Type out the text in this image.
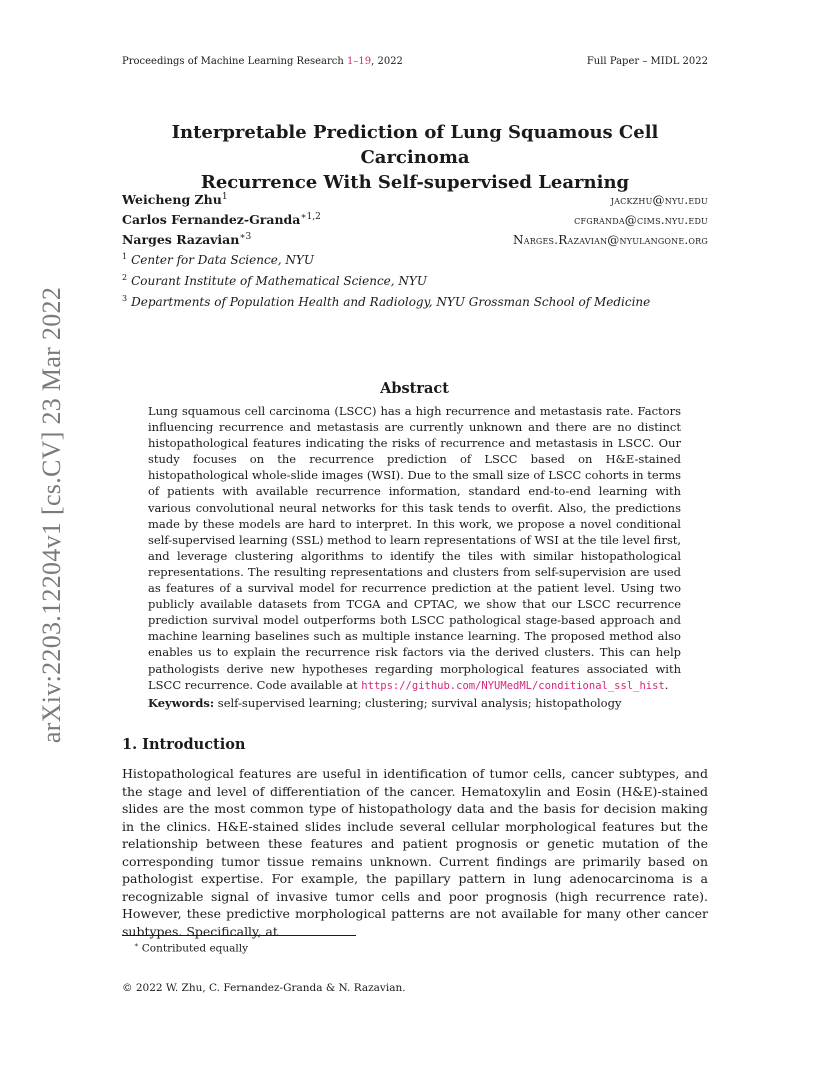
Proceedings of Machine Learning Research 1–19, 2022	Full Paper – MIDL 2022
arXiv:2203.12204v1 [cs.CV] 23 Mar 2022
Interpretable Prediction of Lung Squamous Cell Carcinoma
Recurrence With Self-supervised Learning
Weicheng Zhu$^1$	jackzhu@nyu.edu
Carlos Fernandez-Granda$^{∗1,2}$	cfgranda@cims.nyu.edu
Narges Razavian$^{∗3}$	Narges.Razavian@nyulangone.org
$^1$ Center for Data Science, NYU
$^2$ Courant Institute of Mathematical Science, NYU
$^3$ Departments of Population Health and Radiology, NYU Grossman School of Medicine
Abstract
Lung squamous cell carcinoma (LSCC) has a high recurrence and metastasis rate. Factors influencing recurrence and metastasis are currently unknown and there are no distinct histopathological features indicating the risks of recurrence and metastasis in LSCC. Our study focuses on the recurrence prediction of LSCC based on H&E-stained histopathological whole-slide images (WSI). Due to the small size of LSCC cohorts in terms of patients with available recurrence information, standard end-to-end learning with various convolutional neural networks for this task tends to overfit. Also, the predictions made by these models are hard to interpret. In this work, we propose a novel conditional self-supervised learning (SSL) method to learn representations of WSI at the tile level first, and leverage clustering algorithms to identify the tiles with similar histopathological representations. The resulting representations and clusters from self-supervision are used as features of a survival model for recurrence prediction at the patient level. Using two publicly available datasets from TCGA and CPTAC, we show that our LSCC recurrence prediction survival model outperforms both LSCC pathological stage-based approach and machine learning baselines such as multiple instance learning. The proposed method also enables us to explain the recurrence risk factors via the derived clusters. This can help pathologists derive new hypotheses regarding morphological features associated with LSCC recurrence. Code available at https://github.com/NYUMedML/conditional_ssl_hist.
Keywords: self-supervised learning; clustering; survival analysis; histopathology
1. Introduction
Histopathological features are useful in identification of tumor cells, cancer subtypes, and the stage and level of differentiation of the cancer. Hematoxylin and Eosin (H&E)-stained slides are the most common type of histopathology data and the basis for decision making in the clinics. H&E-stained slides include several cellular morphological features but the relationship between these features and patient prognosis or genetic mutation of the corresponding tumor tissue remains unknown. Current findings are primarily based on pathologist expertise. For example, the papillary pattern in lung adenocarcinoma is a recognizable signal of invasive tumor cells and poor prognosis (high recurrence rate). However, these predictive morphological patterns are not available for many other cancer subtypes. Specifically, at
∗ Contributed equally
© 2022 W. Zhu, C. Fernandez-Granda & N. Razavian.
